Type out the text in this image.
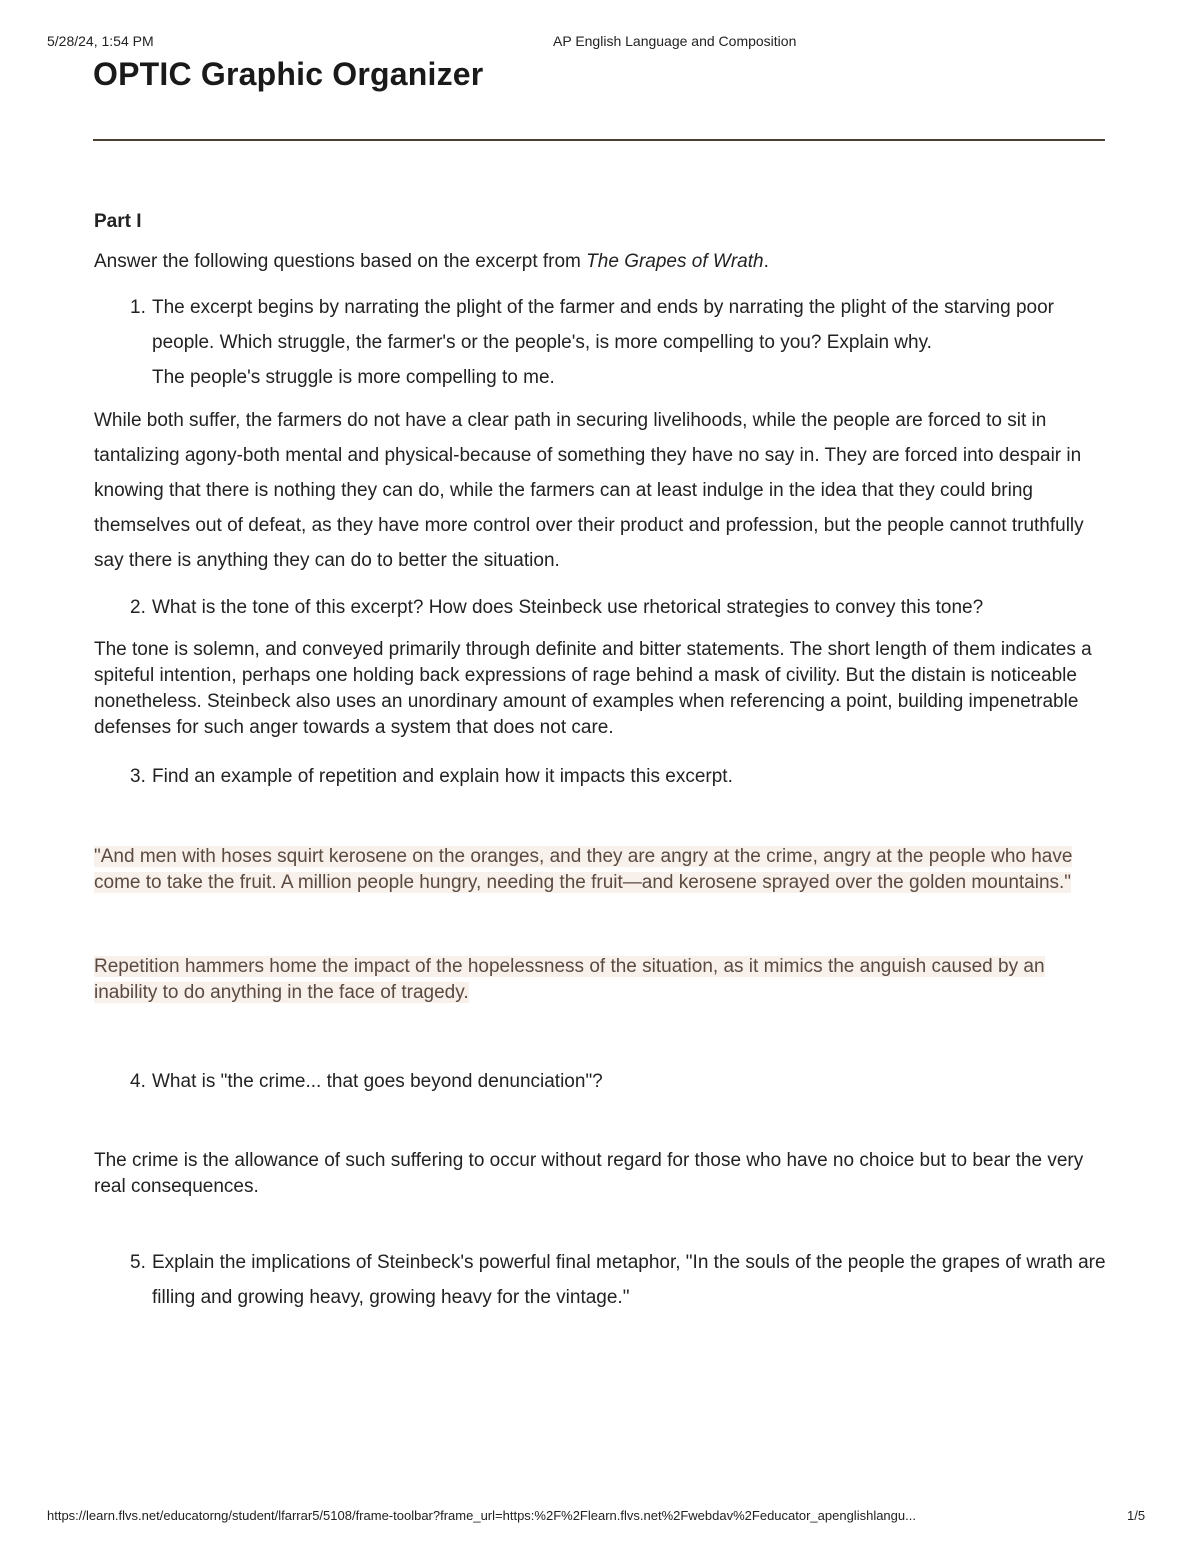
5/28/24, 1:54 PM	AP English Language and Composition
OPTIC Graphic Organizer
Part I

Answer the following questions based on the excerpt from The Grapes of Wrath.

1. The excerpt begins by narrating the plight of the farmer and ends by narrating the plight of the starving poor people. Which struggle, the farmer's or the people's, is more compelling to you? Explain why.

The people's struggle is more compelling to me.

While both suffer, the farmers do not have a clear path in securing livelihoods, while the people are forced to sit in tantalizing agony-both mental and physical-because of something they have no say in. They are forced into despair in knowing that there is nothing they can do, while the farmers can at least indulge in the idea that they could bring themselves out of defeat, as they have more control over their product and profession, but the people cannot truthfully say there is anything they can do to better the situation.

2. What is the tone of this excerpt? How does Steinbeck use rhetorical strategies to convey this tone?

The tone is solemn, and conveyed primarily through definite and bitter statements. The short length of them indicates a spiteful intention, perhaps one holding back expressions of rage behind a mask of civility. But the distain is noticeable nonetheless. Steinbeck also uses an unordinary amount of examples when referencing a point, building impenetrable defenses for such anger towards a system that does not care.

3. Find an example of repetition and explain how it impacts this excerpt.

"And men with hoses squirt kerosene on the oranges, and they are angry at the crime, angry at the people who have come to take the fruit. A million people hungry, needing the fruit—and kerosene sprayed over the golden mountains."

Repetition hammers home the impact of the hopelessness of the situation, as it mimics the anguish caused by an inability to do anything in the face of tragedy.

4. What is "the crime... that goes beyond denunciation"?

The crime is the allowance of such suffering to occur without regard for those who have no choice but to bear the very real consequences.

5. Explain the implications of Steinbeck's powerful final metaphor, "In the souls of the people the grapes of wrath are filling and growing heavy, growing heavy for the vintage."

https://learn.flvs.net/educatorng/student/lfarrar5/5108/frame-toolbar?frame_url=https:%2F%2Flearn.flvs.net%2Fwebdav%2Feducator_apenglishlangu...	1/5
